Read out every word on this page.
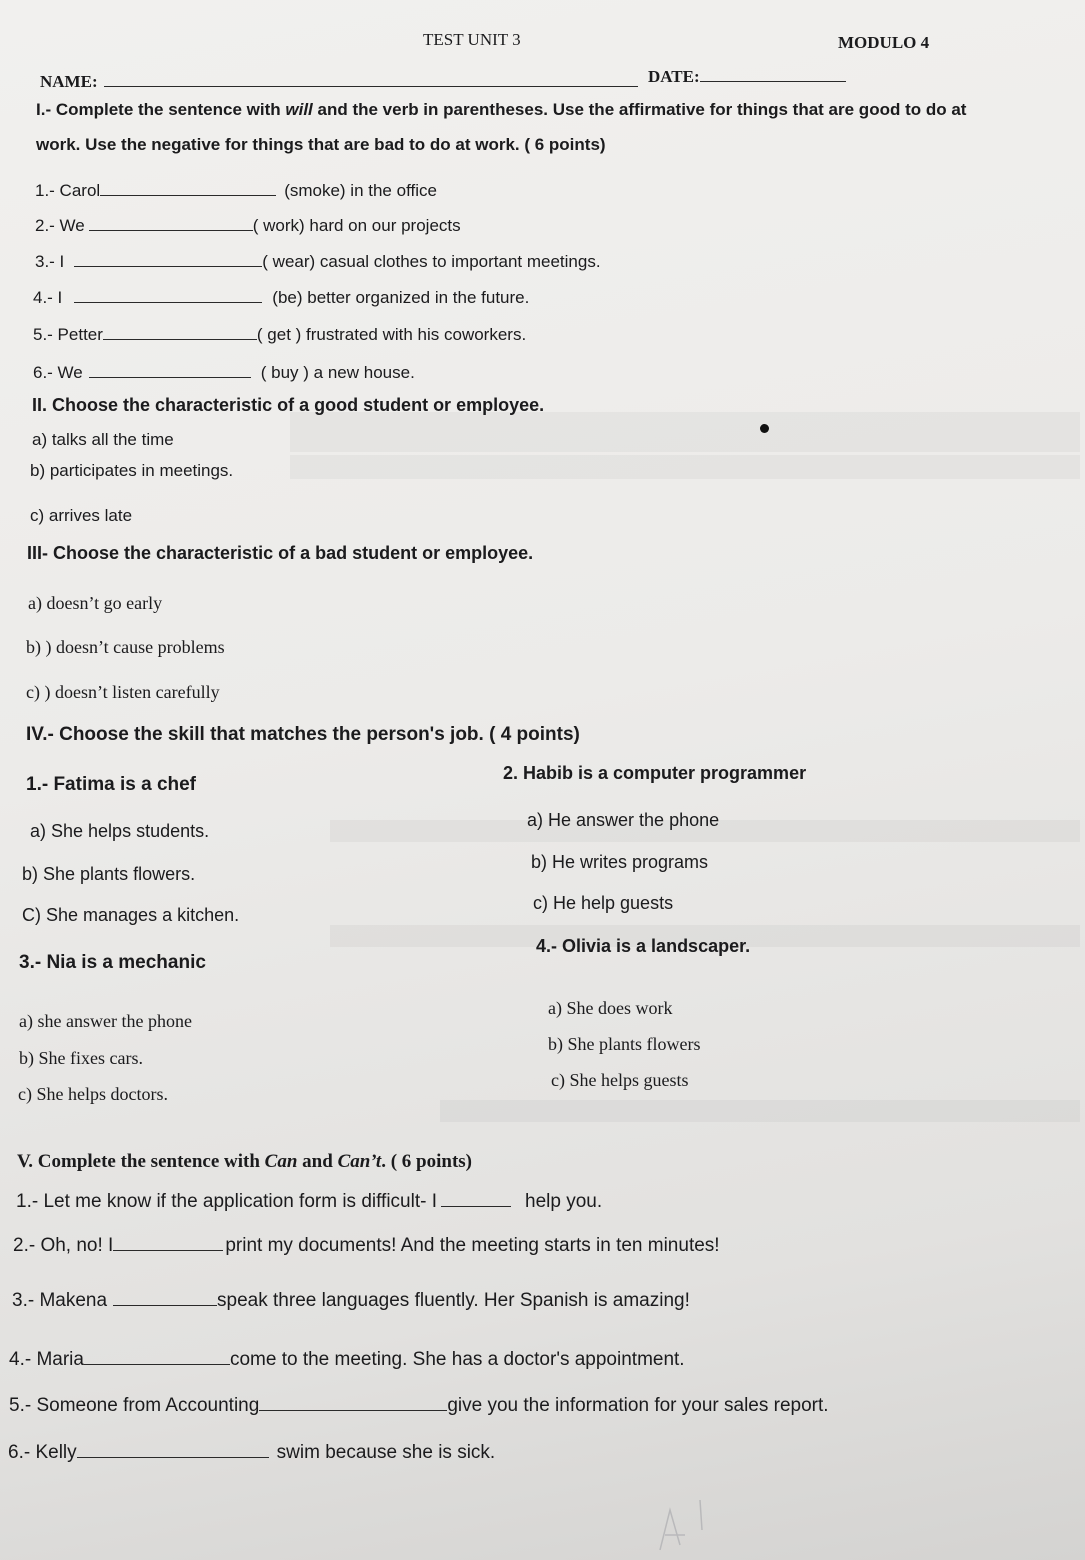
TEST UNIT 3	MODULO 4
NAME:	DATE:
I.- Complete the sentence with will and the verb in parentheses. Use the affirmative for things that are good to do at
work. Use the negative for things that are bad to do at work. ( 6 points)
1.- Carol	(smoke) in the office
2.- We	( work) hard on our projects
3.- I	( wear) casual clothes to important meetings.
4.- I	(be) better organized in the future.
5.- Petter	( get ) frustrated with his coworkers.
6.- We	( buy ) a new house.
II. Choose the characteristic of a good student or employee.
a) talks all the time
b) participates in meetings.
c) arrives late
III- Choose the characteristic of a bad student or employee.
a) doesn’t go early
b) ) doesn’t cause problems
c) ) doesn’t listen carefully
IV.- Choose the skill that matches the person's job. ( 4 points)
1.- Fatima is a chef
a) She helps students.
b) She plants flowers.
C) She manages a kitchen.
2. Habib is a computer programmer
a) He answer the phone
b) He writes programs
c) He help guests
3.- Nia is a mechanic
a) she answer the phone
b) She fixes cars.
c) She helps doctors.
4.- Olivia is a landscaper.
a) She does work
b) She plants flowers
c) She helps guests
V. Complete the sentence with Can and Can’t. ( 6 points)
1.- Let me know if the application form is difficult- I	help you.
2.- Oh, no! I	print my documents! And the meeting starts in ten minutes!
3.- Makena	speak three languages fluently. Her Spanish is amazing!
4.- Maria	come to the meeting. She has a doctor's appointment.
5.- Someone from Accounting	give you the information for your sales report.
6.- Kelly	swim because she is sick.
